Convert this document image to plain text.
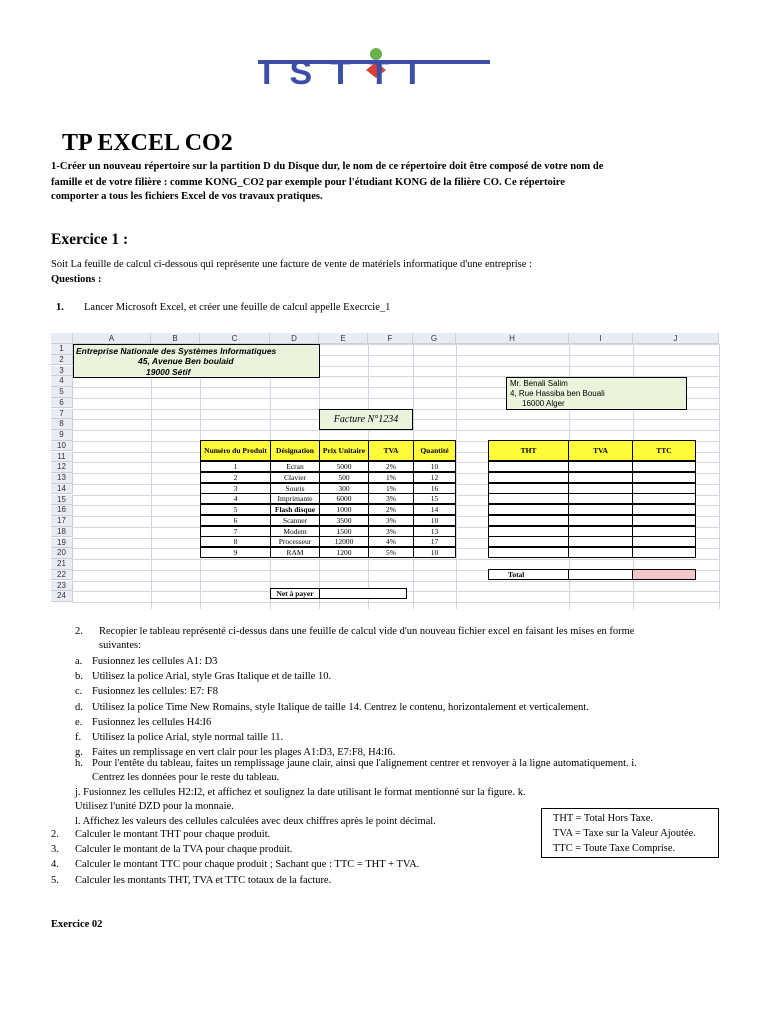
ISTTI
TP EXCEL CO2
1-Créer un nouveau répertoire sur la partition D du Disque dur, le nom de ce répertoire doit être composé de votre nom de
famille et de votre filière : comme KONG_CO2 par exemple pour l'étudiant KONG de la filière CO. Ce répertoire
comporter a tous les fichiers Excel de vos travaux pratiques.
Exercice 1 :
Soit La feuille de calcul ci-dessous qui représente une facture de vente de matériels informatique d'une entreprise :
Questions :
1. Lancer Microsoft Excel, et créer une feuille de calcul appelle Execrcie_1
A	B	C	D	E	F	G	H	I	J
1
2
3
4
5
6
7
8
9
10
11
12
13
14
15
16
17
18
19
20
21
22
23
24
Entreprise Nationale des Systèmes Informatiques
45, Avenue Ben boulaid
19000 Sétif
Mr. Benali Salim
4, Rue Hassiba ben Bouali
16000 Alger
Facture N°1234
Numéro du Produit	Désignation	Prix Unitaire	TVA	Quantité	THT	TVA	TTC
1	Ecran	5000	2%	10
2	Clavier	500	1%	12
3	Souris	300	1%	16
4	Imprimante	6000	3%	15
5	Flash disque	1000	2%	14
6	Scanner	3500	3%	10
7	Modem	1500	3%	13
8	Processeur	12000	4%	17
9	RAM	1200	5%	10
Total
Net à payer
2. Recopier le tableau représenté ci-dessus dans une feuille de calcul vide d'un nouveau fichier excel en faisant les mises en forme
suivantes:
a. Fusionnez les cellules A1: D3
b. Utilisez la police Arial, style Gras Italique et de taille 10.
c. Fusionnez les cellules: E7: F8
d. Utilisez la police Time New Romains, style Italique de taille 14. Centrez le contenu, horizontalement et verticalement.
e. Fusionnez les cellules H4:I6
f. Utilisez la police Arial, style normal taille 11.
g. Faites un remplissage en vert clair pour les plages A1:D3, E7:F8, H4:I6.
h. Pour l'entête du tableau, faites un remplissage jaune clair, ainsi que l'alignement centrer et renvoyer à la ligne automatiquement. i.
Centrez les données pour le reste du tableau.
j. Fusionnez les cellules H2:I2, et affichez et soulignez la date utilisant le format mentionné sur la figure. k.
Utilisez l'unité DZD pour la monnaie.
l. Affichez les valeurs des cellules calculées avec deux chiffres après le point décimal.
2. Calculer le montant THT pour chaque produit.
3. Calculer le montant de la TVA pour chaque produit.
4. Calculer le montant TTC pour chaque produit ; Sachant que : TTC = THT + TVA.
5. Calculer les montants THT, TVA et TTC totaux de la facture.
THT = Total Hors Taxe.
TVA = Taxe sur la Valeur Ajoutée.
TTC = Toute Taxe Comprise.
Exercice 02
